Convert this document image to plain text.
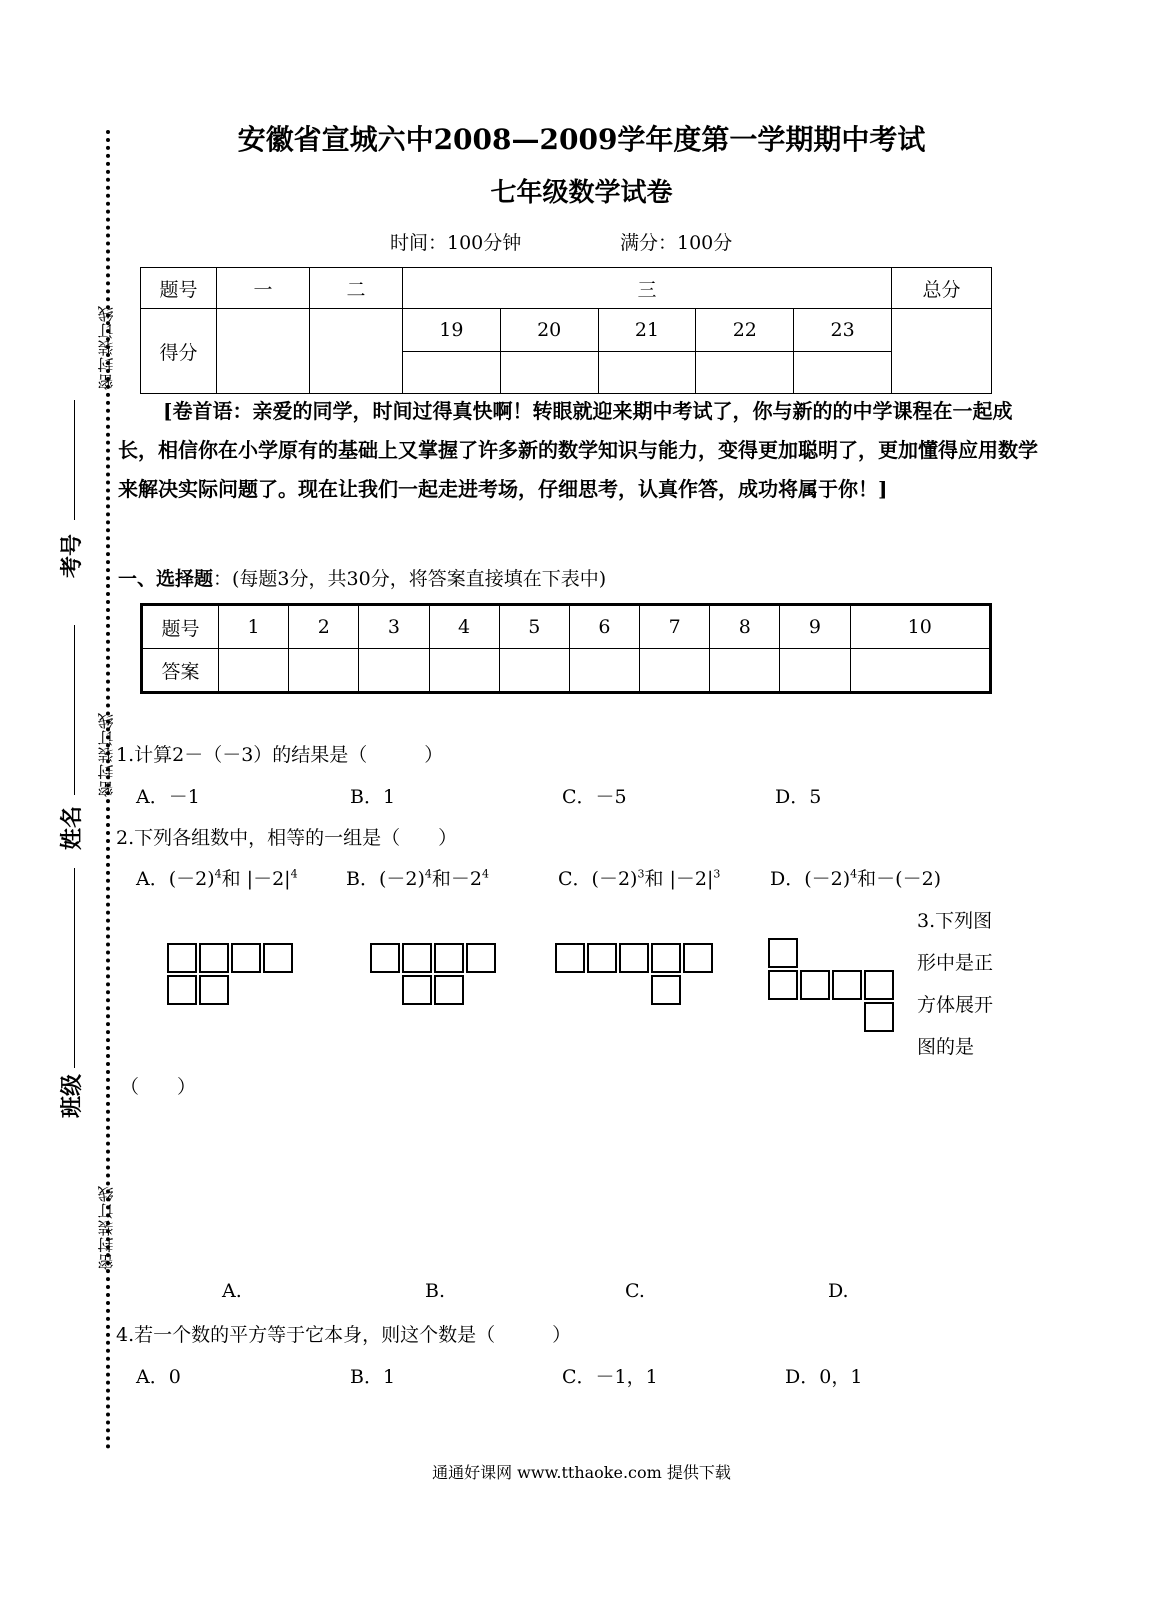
密封装订线
密封装订线
密封装订线
考号
姓名
班级
安徽省宣城六中2008—2009学年度第一学期期中考试
七年级数学试卷
时间：100分钟	满分：100分
题号	一	二	三					总分
得分			19	20	21	22	23	

[卷首语：亲爱的同学，时间过得真快啊！转眼就迎来期中考试了，你与新的的中学课程在一起成长，相信你在小学原有的基础上又掌握了许多新的数学知识与能力，变得更加聪明了，更加懂得应用数学来解决实际问题了。现在让我们一起走进考场，仔细思考，认真作答，成功将属于你！]
一、选择题：(每题3分，共30分，将答案直接填在下表中)
题号	1	2	3	4	5	6	7	8	9	10
答案										
1.计算2－（－3）的结果是（　　　）
A．－1	B．1	C．－5	D．5
2.下列各组数中，相等的一组是（　　）
A．$(-2)^4$和 $|-2|^4$	B．$(-2)^4$和$-2^4$	C．$(-2)^3$和 $|-2|^3$	D．$(-2)^4$和－(－2)
3.下列图
形中是正
方体展开
图的是
（　　）
A.	B.	C.	D.
4.若一个数的平方等于它本身，则这个数是（　　　）
A．0	B．1	C．－1，1	D．0，1
通通好课网 www.tthaoke.com 提供下载
